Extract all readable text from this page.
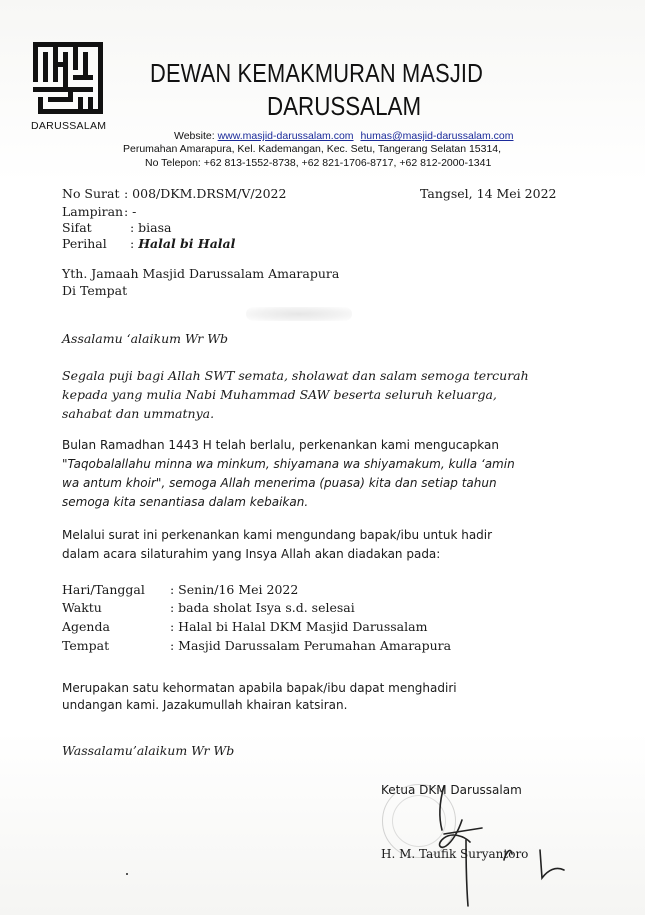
DARUSSALAM
DEWAN KEMAKMURAN MASJID
DARUSSALAM
Website: www.masjid-darussalam.com humas@masjid-darussalam.com
Perumahan Amarapura, Kel. Kademangan, Kec. Setu, Tangerang Selatan 15314,
No Telepon: +62 813-1552-8738, +62 821-1706-8717, +62 812-2000-1341
No Surat : 008/DKM.DRSM/V/2022	Tangsel, 14 Mei 2022
Lampiran : -
Sifat	: biasa
Perihal : Halal bi Halal
Yth. Jamaah Masjid Darussalam Amarapura
Di Tempat
Assalamu ‘alaikum Wr Wb
Segala puji bagi Allah SWT semata, sholawat dan salam semoga tercurah
kepada yang mulia Nabi Muhammad SAW beserta seluruh keluarga,
sahabat dan ummatnya.
Bulan Ramadhan 1443 H telah berlalu, perkenankan kami mengucapkan
"Taqobalallahu minna wa minkum, shiyamana wa shiyamakum, kulla ‘amin
wa antum khoir", semoga Allah menerima (puasa) kita dan setiap tahun
semoga kita senantiasa dalam kebaikan.
Melalui surat ini perkenankan kami mengundang bapak/ibu untuk hadir
dalam acara silaturahim yang Insya Allah akan diadakan pada:
Hari/Tanggal : Senin/16 Mei 2022
Waktu	: bada sholat Isya s.d. selesai
Agenda	: Halal bi Halal DKM Masjid Darussalam
Tempat	: Masjid Darussalam Perumahan Amarapura
Merupakan satu kehormatan apabila bapak/ibu dapat menghadiri
undangan kami. Jazakumullah khairan katsiran.
Wassalamu’alaikum Wr Wb
Ketua DKM Darussalam
H. M. Taufik Suryantoro
